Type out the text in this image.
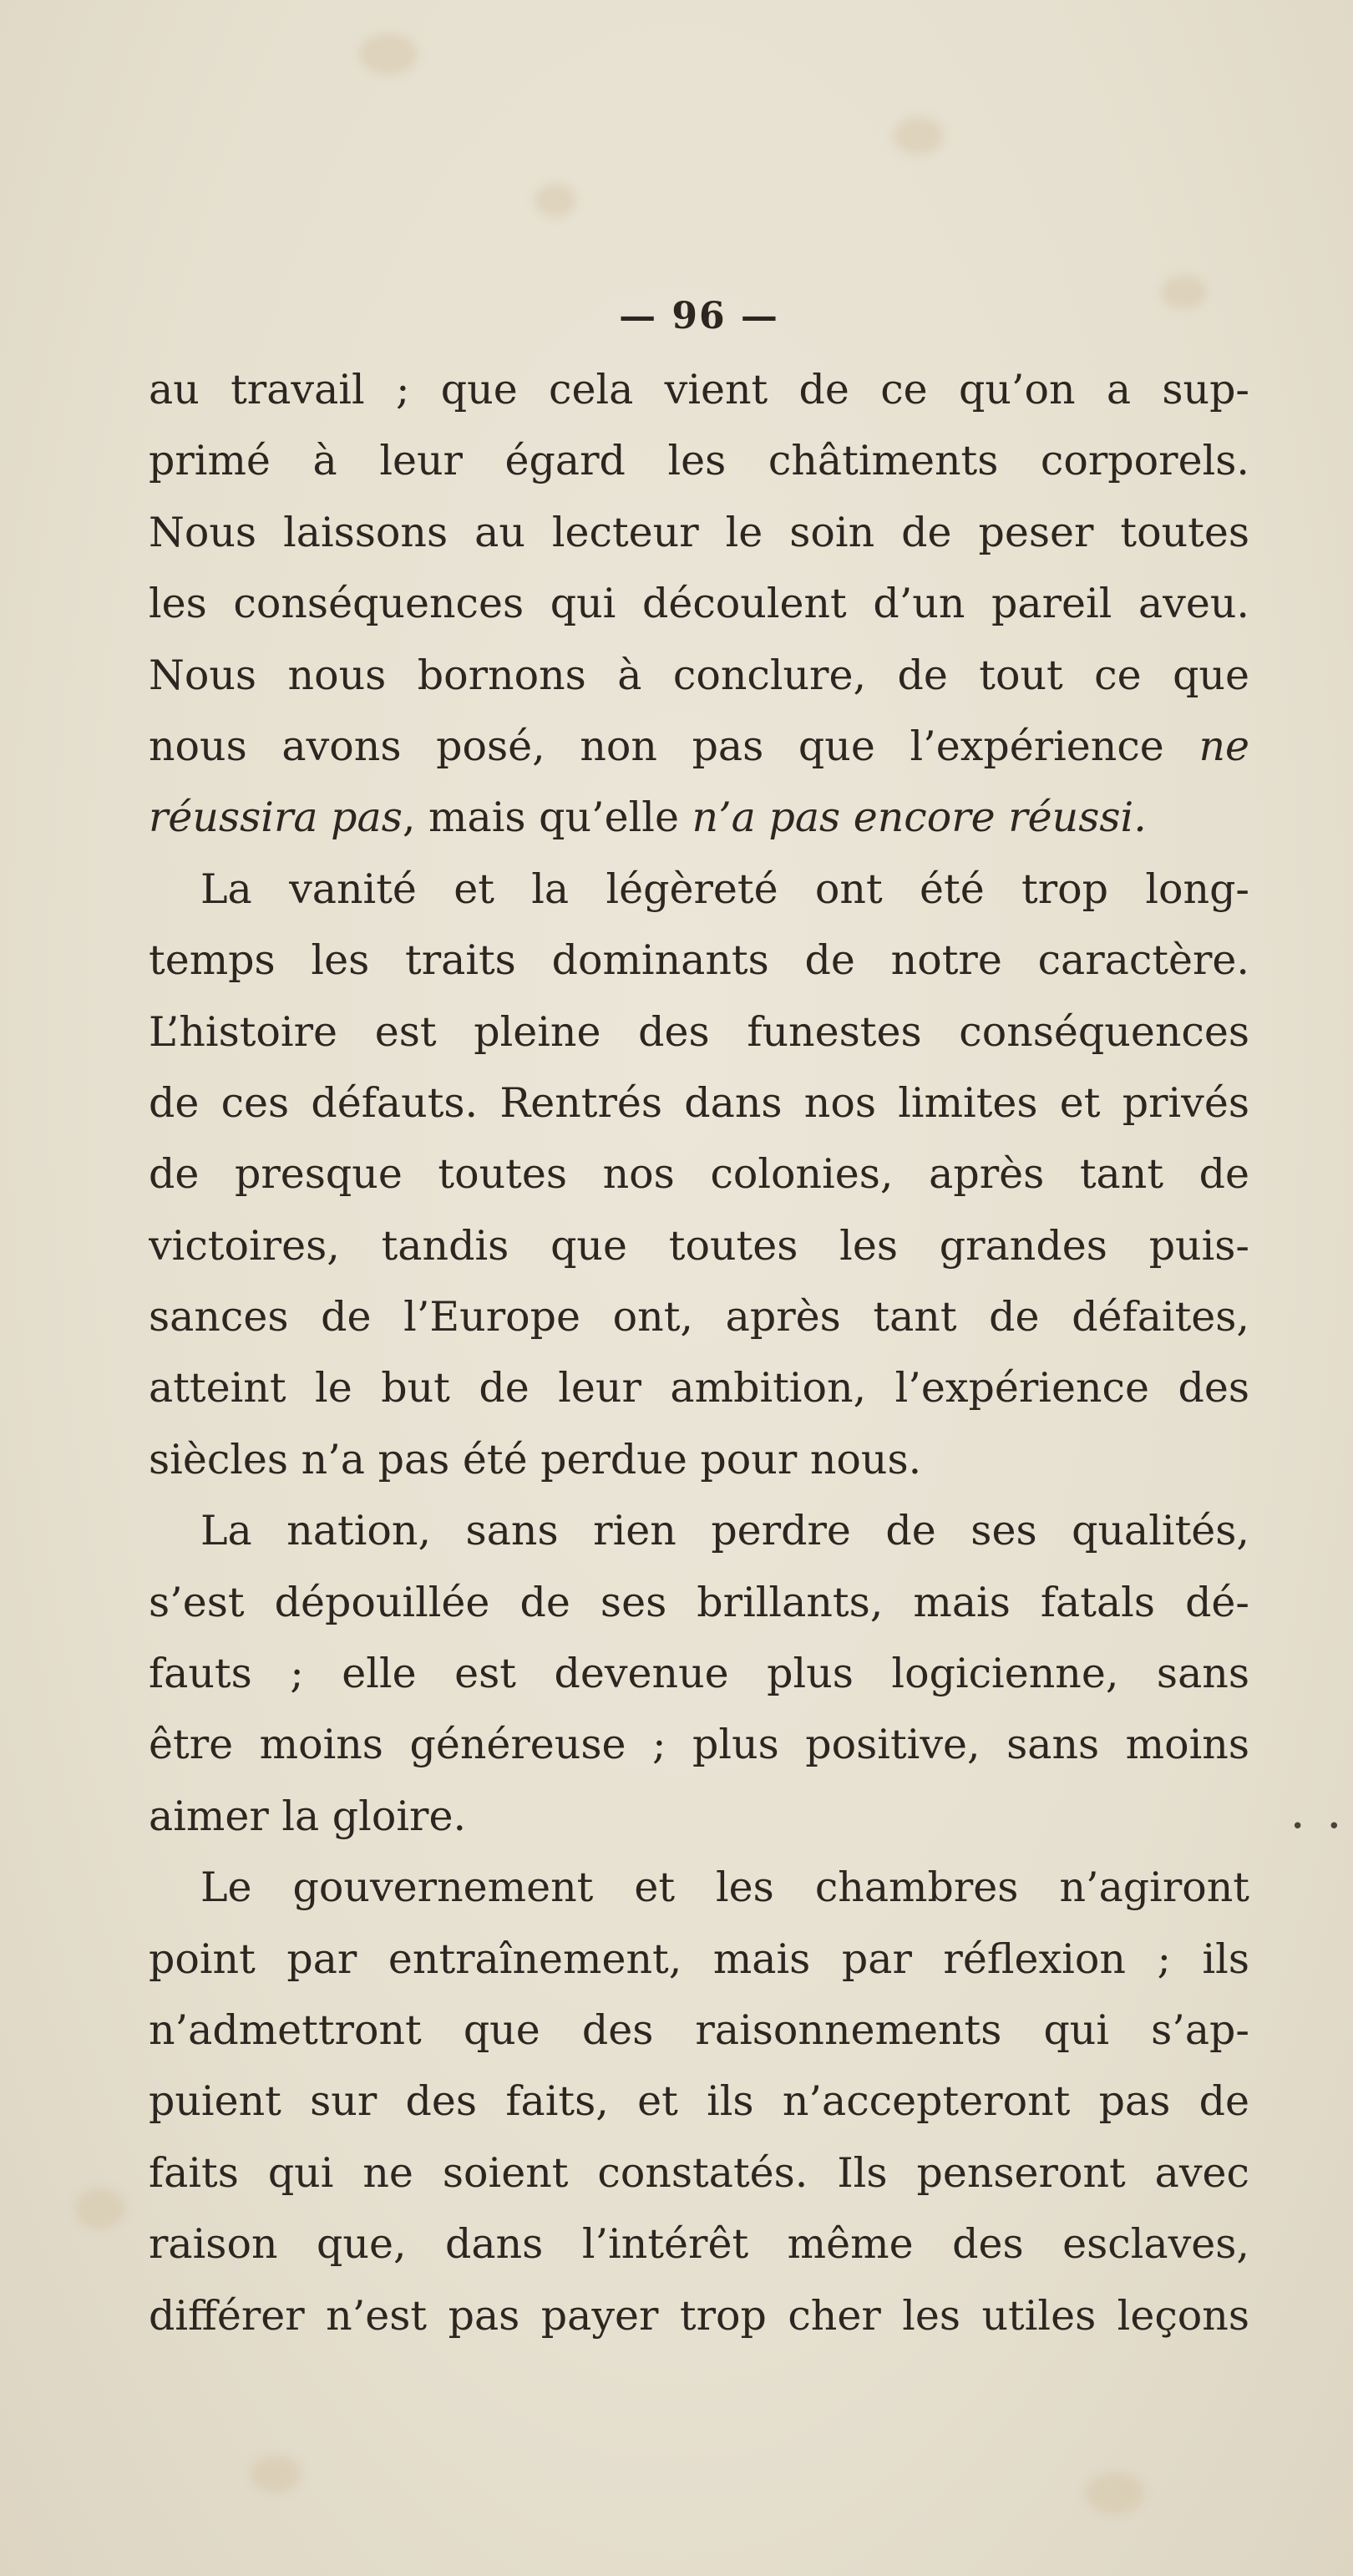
— 96 —
au travail ; que cela vient de ce qu’on a sup-
primé à leur égard les châtiments corporels.
Nous laissons au lecteur le soin de peser toutes
les conséquences qui découlent d’un pareil aveu.
Nous nous bornons à conclure, de tout ce que
nous avons posé, non pas que l’expérience ne
réussira pas, mais qu’elle n’a pas encore réussi.
La vanité et la légèreté ont été trop long-
temps les traits dominants de notre caractère.
L’histoire est pleine des funestes conséquences
de ces défauts. Rentrés dans nos limites et privés
de presque toutes nos colonies, après tant de
victoires, tandis que toutes les grandes puis-
sances de l’Europe ont, après tant de défaites,
atteint le but de leur ambition, l’expérience des
siècles n’a pas été perdue pour nous.
La nation, sans rien perdre de ses qualités,
s’est dépouillée de ses brillants, mais fatals dé-
fauts ; elle est devenue plus logicienne, sans
être moins généreuse ; plus positive, sans moins
aimer la gloire.
Le gouvernement et les chambres n’agiront
point par entraînement, mais par réflexion ; ils
n’admettront que des raisonnements qui s’ap-
puient sur des faits, et ils n’accepteront pas de
faits qui ne soient constatés. Ils penseront avec
raison que, dans l’intérêt même des esclaves,
différer n’est pas payer trop cher les utiles leçons
• •
